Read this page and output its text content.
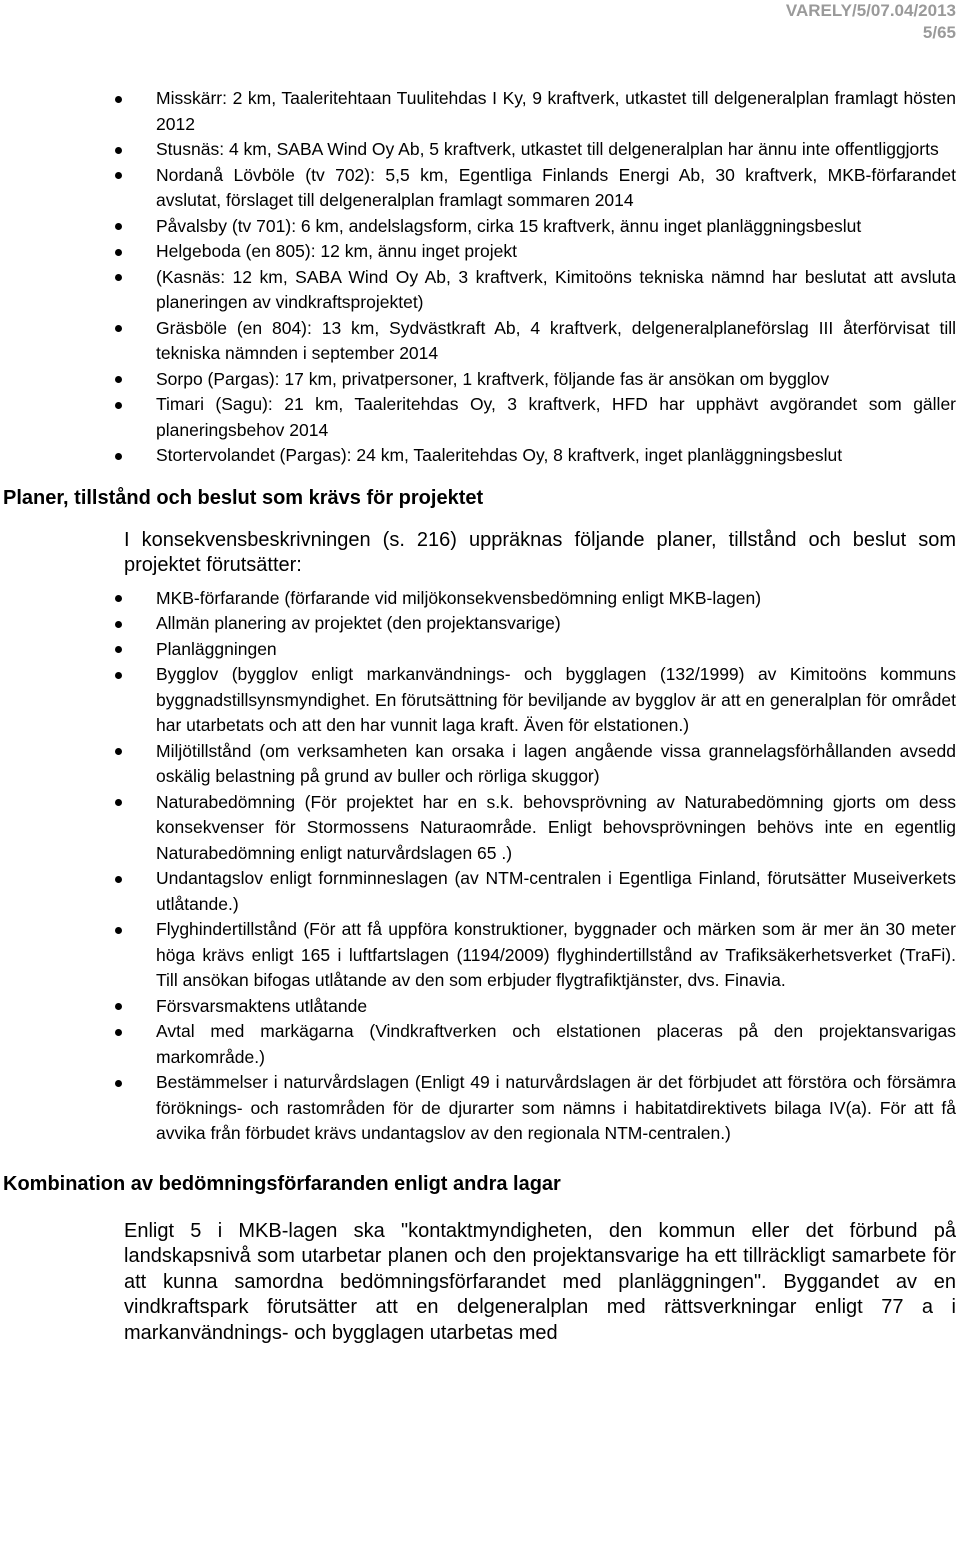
VARELY/5/07.04/2013
5/65
Misskärr: 2 km, Taaleritehtaan Tuulitehdas I Ky, 9 kraftverk, utkastet till delgeneralplan framlagt hösten 2012
Stusnäs: 4 km, SABA Wind Oy Ab, 5 kraftverk, utkastet till delgeneralplan har ännu inte offentliggjorts
Nordanå Lövböle (tv 702): 5,5 km, Egentliga Finlands Energi Ab, 30 kraftverk, MKB-förfarandet avslutat, förslaget till delgeneralplan framlagt sommaren 2014
Påvalsby (tv 701): 6 km, andelslagsform, cirka 15 kraftverk, ännu inget planläggningsbeslut
Helgeboda (en 805): 12 km, ännu inget projekt
(Kasnäs: 12 km, SABA Wind Oy Ab, 3 kraftverk, Kimitoöns tekniska nämnd har beslutat att avsluta planeringen av vindkraftsprojektet)
Gräsböle (en 804): 13 km, Sydvästkraft Ab, 4 kraftverk, delgeneralplaneförslag III återförvisat till tekniska nämnden i september 2014
Sorpo (Pargas): 17 km, privatpersoner, 1 kraftverk, följande fas är ansökan om bygglov
Timari (Sagu): 21 km, Taaleritehdas Oy, 3 kraftverk, HFD har upphävt avgörandet som gäller planeringsbehov 2014
Stortervolandet (Pargas): 24 km, Taaleritehdas Oy, 8 kraftverk, inget planläggningsbeslut
Planer, tillstånd och beslut som krävs för projektet

I konsekvensbeskrivningen (s. 216) uppräknas följande planer, tillstånd och beslut som projektet förutsätter:

MKB-förfarande (förfarande vid miljökonsekvensbedömning enligt MKB-lagen)
Allmän planering av projektet (den projektansvarige)
Planläggningen
Bygglov (bygglov enligt markanvändnings- och bygglagen (132/1999) av Kimitoöns kommuns byggnadstillsynsmyndighet. En förutsättning för beviljande av bygglov är att en generalplan för området har utarbetats och att den har vunnit laga kraft. Även för elstationen.)
Miljötillstånd (om verksamheten kan orsaka i lagen angående vissa grannelagsförhållanden avsedd oskälig belastning på grund av buller och rörliga skuggor)
Naturabedömning (För projektet har en s.k. behovsprövning av Naturabedömning gjorts om dess konsekvenser för Stormossens Naturaområde. Enligt behovsprövningen behövs inte en egentlig Naturabedömning enligt naturvårdslagen 65 .)
Undantagslov enligt fornminneslagen (av NTM-centralen i Egentliga Finland, förutsätter Museiverkets utlåtande.)
Flyghindertillstånd (För att få uppföra konstruktioner, byggnader och märken som är mer än 30 meter höga krävs enligt 165 i luftfartslagen (1194/2009) flyghindertillstånd av Trafiksäkerhetsverket (TraFi). Till ansökan bifogas utlåtande av den som erbjuder flygtrafiktjänster, dvs. Finavia.
Försvarsmaktens utlåtande
Avtal med markägarna (Vindkraftverken och elstationen placeras på den projektansvarigas markområde.)
Bestämmelser i naturvårdslagen (Enligt 49 i naturvårdslagen är det förbjudet att förstöra och försämra föröknings- och rastområden för de djurarter som nämns i habitatdirektivets bilaga IV(a). För att få avvika från förbudet krävs undantagslov av den regionala NTM-centralen.)
Kombination av bedömningsförfaranden enligt andra lagar

Enligt 5 i MKB-lagen ska "kontaktmyndigheten, den kommun eller det förbund på landskapsnivå som utarbetar planen och den projektansvarige ha ett tillräckligt samarbete för att kunna samordna bedömningsförfarandet med planläggningen". Byggandet av en vindkraftspark förutsätter att en delgeneralplan med rättsverkningar enligt 77 a i markanvändnings- och bygglagen utarbetas med
